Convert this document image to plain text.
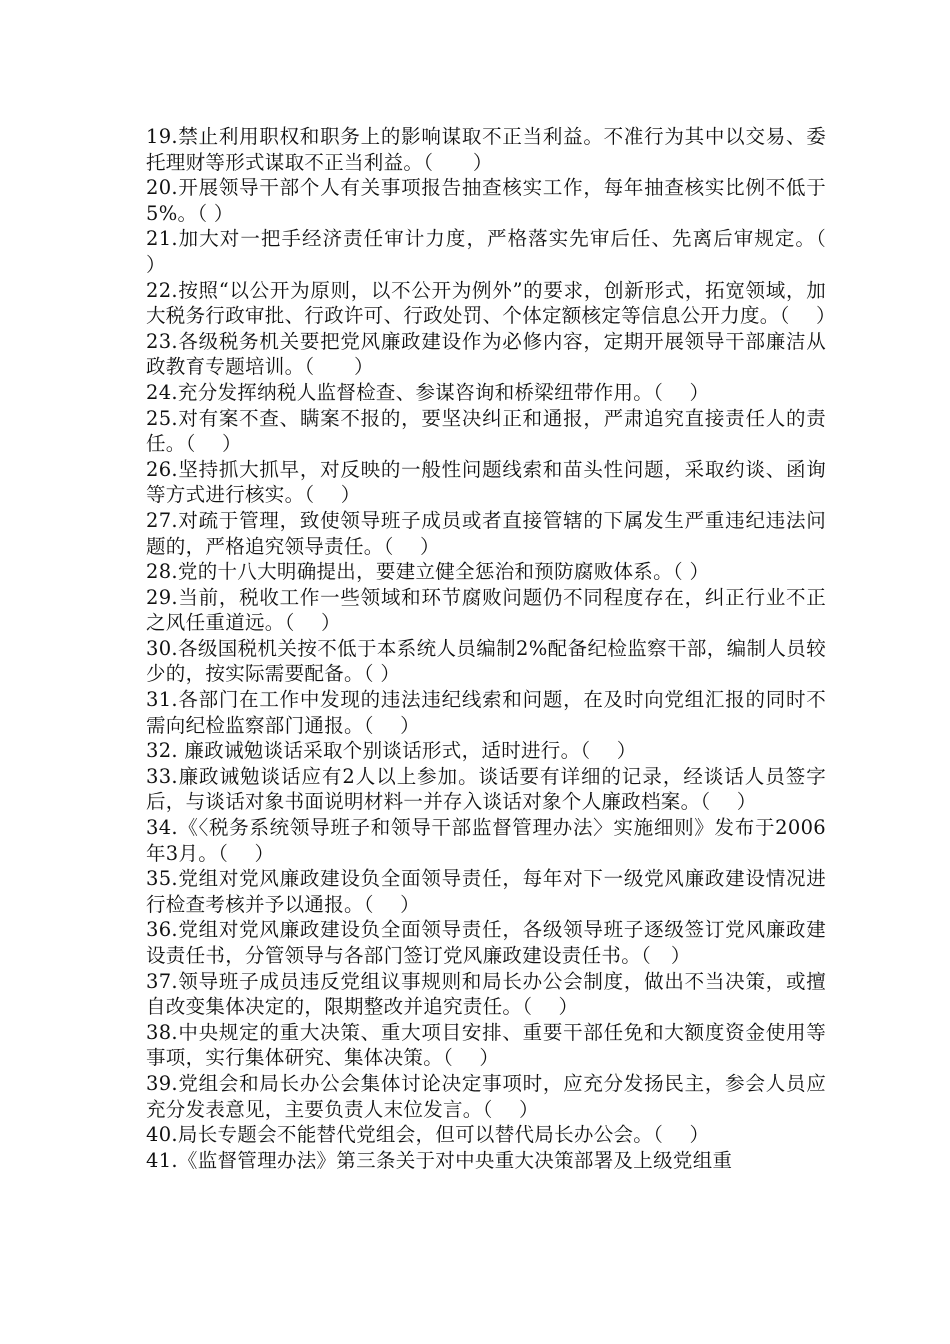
19.禁止利用职权和职务上的影响谋取不正当利益。不准行为其中以交易、委托理财等形式谋取不正当利益。（　　）

20.开展领导干部个人有关事项报告抽查核实工作，每年抽查核实比例不低于5%。（ ）

21.加大对一把手经济责任审计力度，严格落实先审后任、先离后审规定。（　 ）

22.按照“以公开为原则，以不公开为例外”的要求，创新形式，拓宽领域，加大税务行政审批、行政许可、行政处罚、个体定额核定等信息公开力度。（　 ）

23.各级税务机关要把党风廉政建设作为必修内容，定期开展领导干部廉洁从政教育专题培训。（　　）

24.充分发挥纳税人监督检查、参谋咨询和桥梁纽带作用。（　 ）

25.对有案不查、瞒案不报的，要坚决纠正和通报，严肃追究直接责任人的责任。（　 ）

26.坚持抓大抓早，对反映的一般性问题线索和苗头性问题，采取约谈、函询等方式进行核实。（　 ）

27.对疏于管理，致使领导班子成员或者直接管辖的下属发生严重违纪违法问题的，严格追究领导责任。（　 ）

28.党的十八大明确提出，要建立健全惩治和预防腐败体系。（ ）

29.当前，税收工作一些领域和环节腐败问题仍不同程度存在，纠正行业不正之风任重道远。（　 ）

30.各级国税机关按不低于本系统人员编制2%配备纪检监察干部，编制人员较少的，按实际需要配备。（ ）

31.各部门在工作中发现的违法违纪线索和问题，在及时向党组汇报的同时不需向纪检监察部门通报。（　 ）

32. 廉政诫勉谈话采取个别谈话形式，适时进行。（　 ）

33.廉政诫勉谈话应有2人以上参加。谈话要有详细的记录，经谈话人员签字后，与谈话对象书面说明材料一并存入谈话对象个人廉政档案。（　 ）

34.《〈税务系统领导班子和领导干部监督管理办法〉实施细则》发布于2006年3月。（　 ）

35.党组对党风廉政建设负全面领导责任，每年对下一级党风廉政建设情况进行检查考核并予以通报。（　 ）

36.党组对党风廉政建设负全面领导责任，各级领导班子逐级签订党风廉政建设责任书，分管领导与各部门签订党风廉政建设责任书。（　）

37.领导班子成员违反党组议事规则和局长办公会制度，做出不当决策，或擅自改变集体决定的，限期整改并追究责任。（　 ）

38.中央规定的重大决策、重大项目安排、重要干部任免和大额度资金使用等事项，实行集体研究、集体决策。（　 ）

39.党组会和局长办公会集体讨论决定事项时，应充分发扬民主，参会人员应充分发表意见，主要负责人末位发言。（　 ）

40.局长专题会不能替代党组会，但可以替代局长办公会。（　 ）

41.《监督管理办法》第三条关于对中央重大决策部署及上级党组重
